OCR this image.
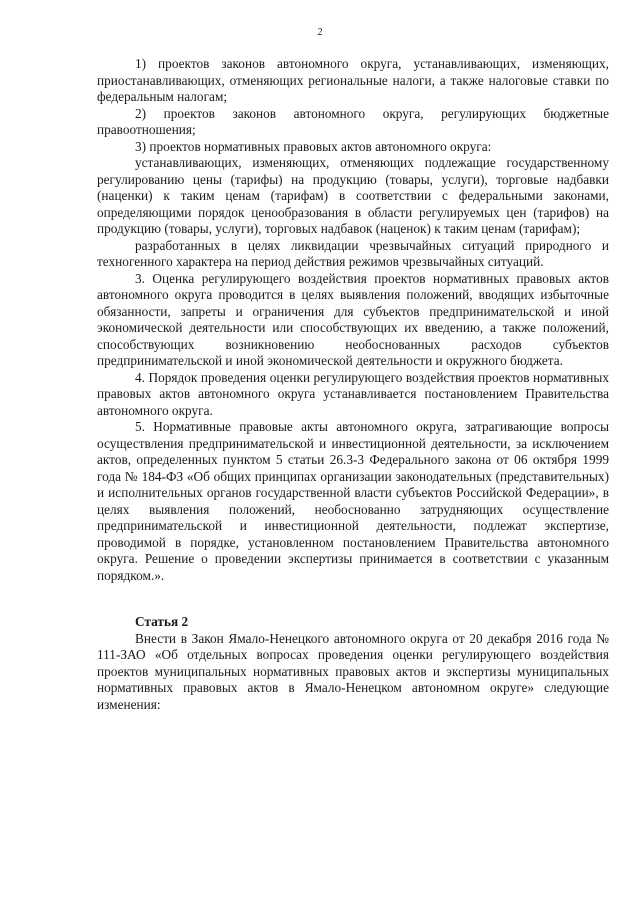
2

1) проектов законов автономного округа, устанавливающих, изменяющих, приостанавливающих, отменяющих региональные налоги, а также налоговые ставки по федеральным налогам;

2) проектов законов автономного округа, регулирующих бюджетные правоотношения;

3) проектов нормативных правовых актов автономного округа:

устанавливающих, изменяющих, отменяющих подлежащие государственному регулированию цены (тарифы) на продукцию (товары, услуги), торговые надбавки (наценки) к таким ценам (тарифам) в соответствии с федеральными законами, определяющими порядок ценообразования в области регулируемых цен (тарифов) на продукцию (товары, услуги), торговых надбавок (наценок) к таким ценам (тарифам);

разработанных в целях ликвидации чрезвычайных ситуаций природного и техногенного характера на период действия режимов чрезвычайных ситуаций.

3. Оценка регулирующего воздействия проектов нормативных правовых актов автономного округа проводится в целях выявления положений, вводящих избыточные обязанности, запреты и ограничения для субъектов предпринимательской и иной экономической деятельности или способствующих их введению, а также положений, способствующих возникновению необоснованных расходов субъектов предпринимательской и иной экономической деятельности и окружного бюджета.

4. Порядок проведения оценки регулирующего воздействия проектов нормативных правовых актов автономного округа устанавливается постановлением Правительства автономного округа.

5. Нормативные правовые акты автономного округа, затрагивающие вопросы осуществления предпринимательской и инвестиционной деятельности, за исключением актов, определенных пунктом 5 статьи 26.3-3 Федерального закона от 06 октября 1999 года № 184-ФЗ «Об общих принципах организации законодательных (представительных) и исполнительных органов государственной власти субъектов Российской Федерации», в целях выявления положений, необоснованно затрудняющих осуществление предпринимательской и инвестиционной деятельности, подлежат экспертизе, проводимой в порядке, установленном постановлением Правительства автономного округа. Решение о проведении экспертизы принимается в соответствии с указанным порядком.».

Статья 2

Внести в Закон Ямало-Ненецкого автономного округа от 20 декабря 2016 года № 111-ЗАО «Об отдельных вопросах проведения оценки регулирующего воздействия проектов муниципальных нормативных правовых актов и экспертизы муниципальных нормативных правовых актов в Ямало-Ненецком автономном округе» следующие изменения:
